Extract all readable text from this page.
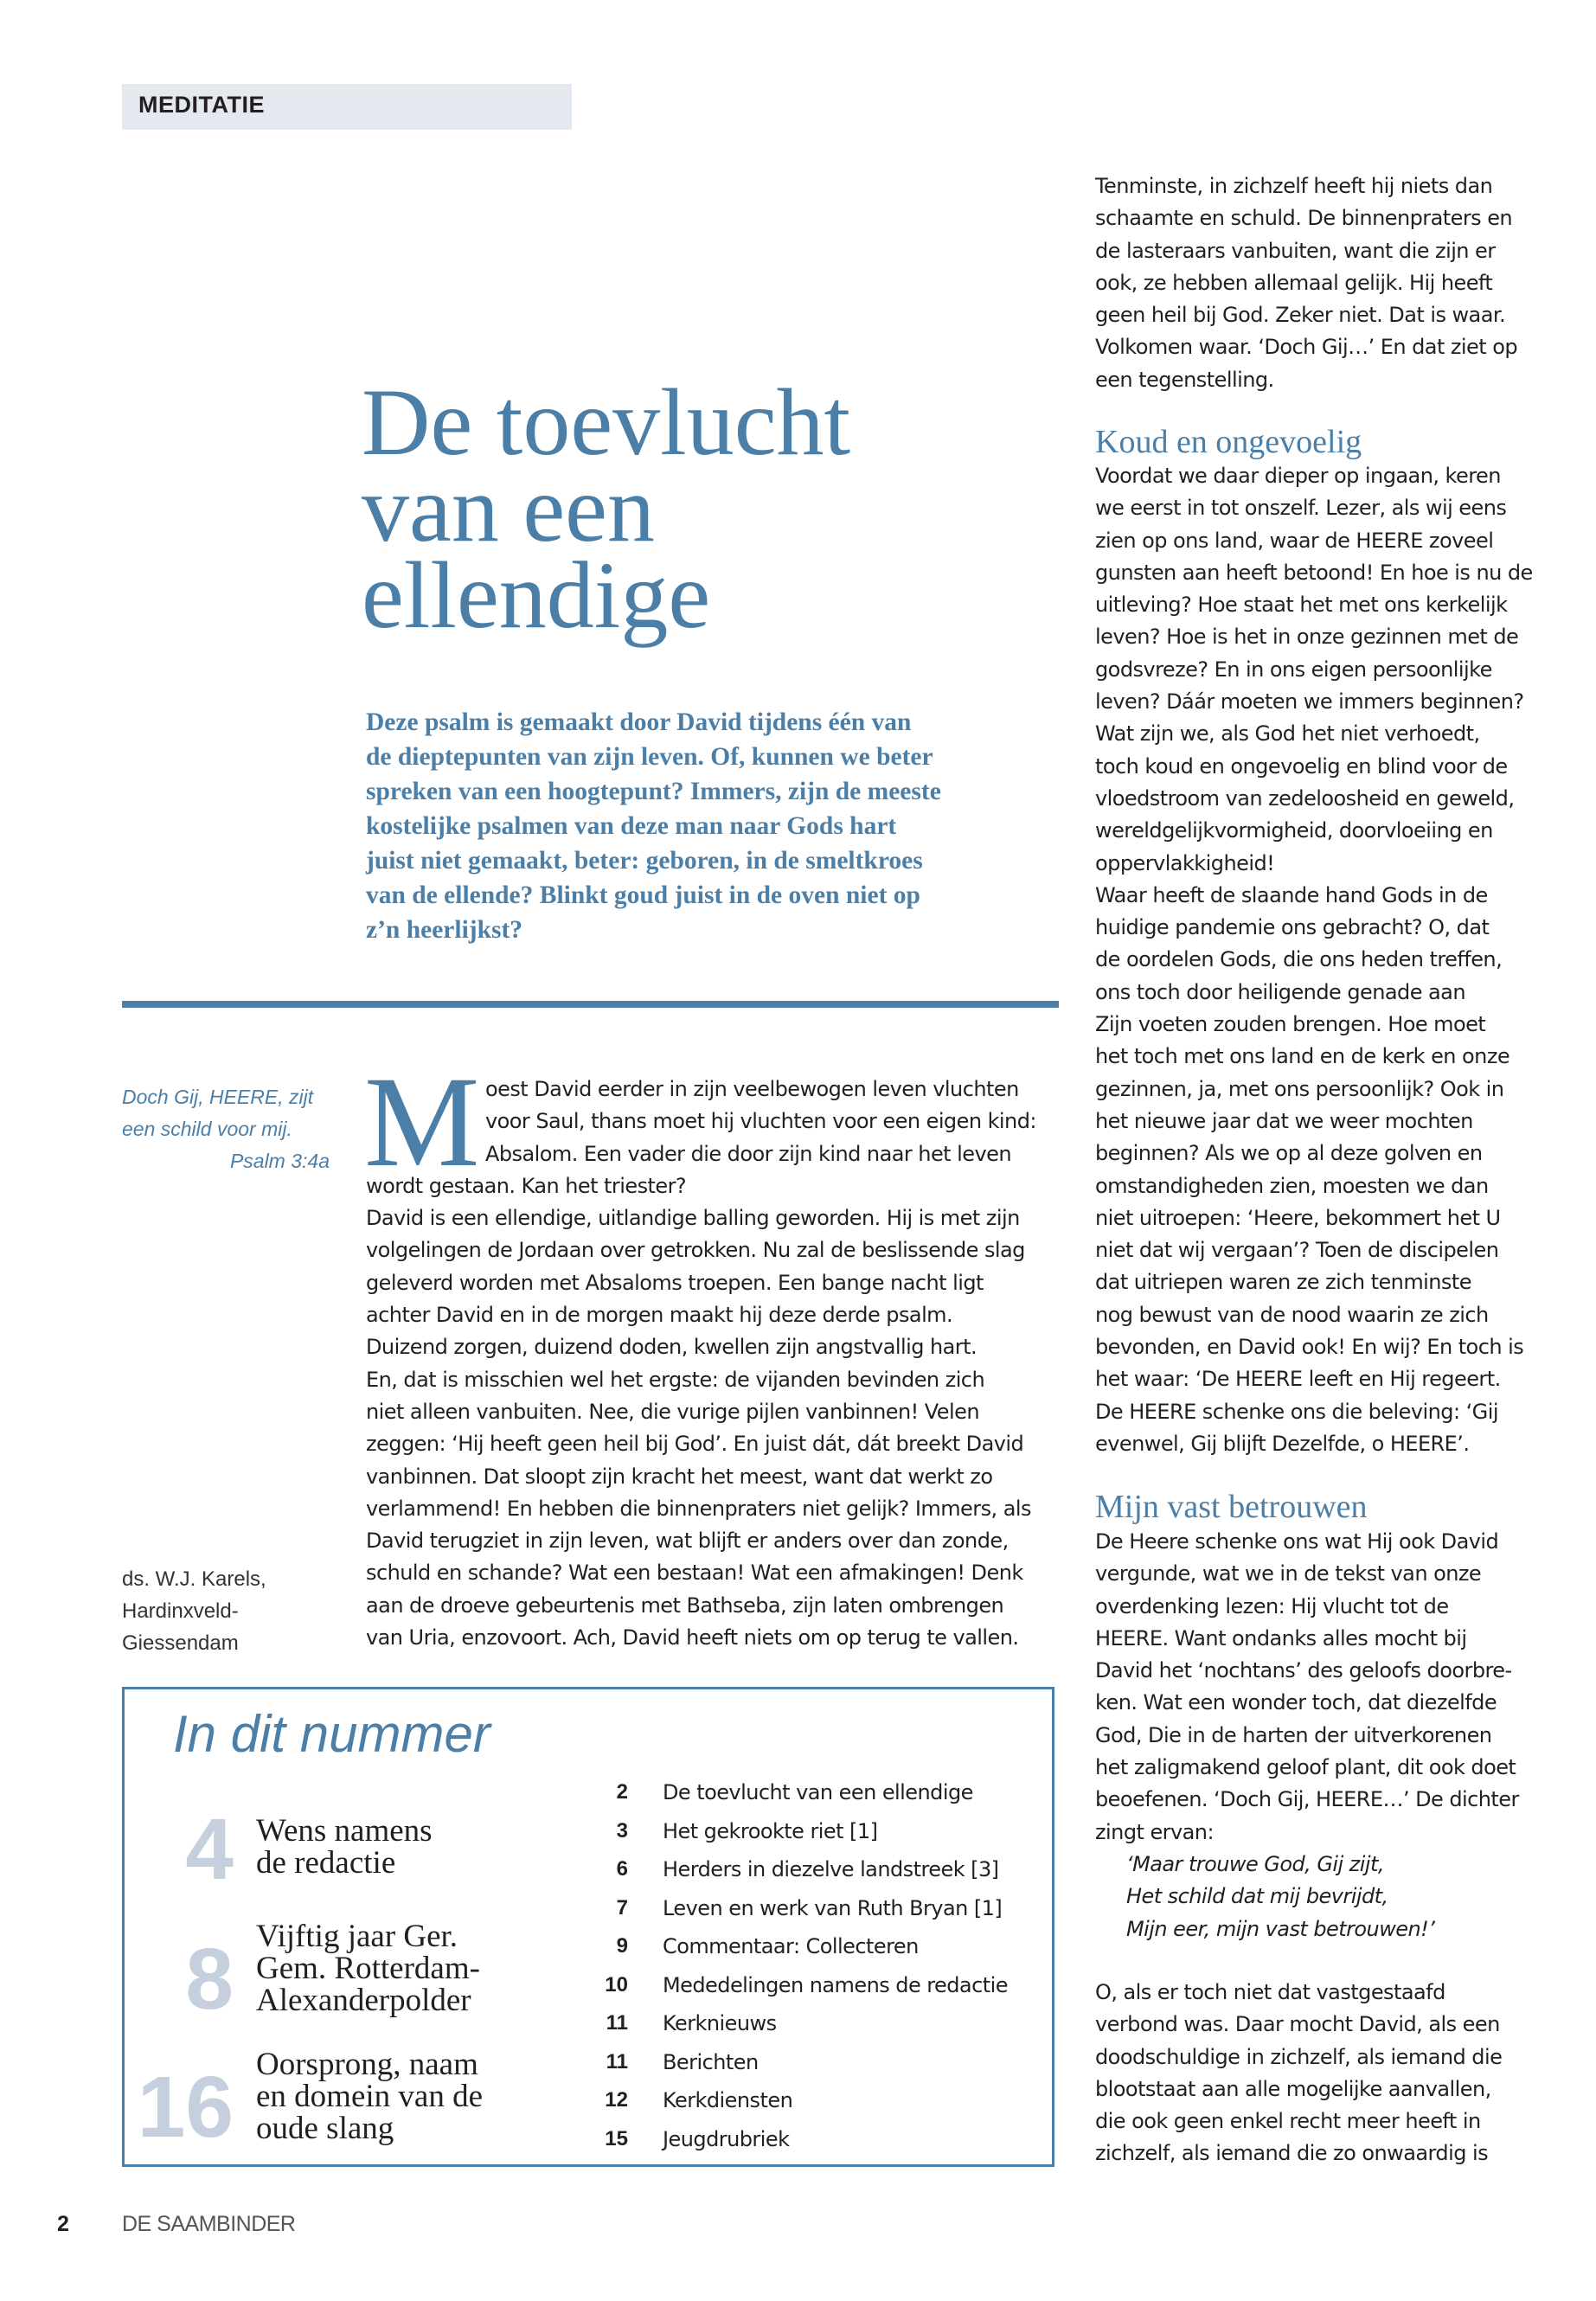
MEDITATIE
De toevlucht
van een
ellendige
Deze psalm is gemaakt door David tijdens één van
de dieptepunten van zijn leven. Of, kunnen we beter
spreken van een hoogtepunt? Immers, zijn de meeste
kostelijke psalmen van deze man naar Gods hart
juist niet gemaakt, beter: geboren, in de smeltkroes
van de ellende? Blinkt goud juist in de oven niet op
z’n heerlijkst?
Doch Gij, HEERE, zijt
een schild voor mij.
Psalm 3:4a
ds. W.J. Karels,
Hardinxveld-
Giessendam
M oest David eerder in zijn veelbewogen leven vluchten
voor Saul, thans moet hij vluchten voor een eigen kind:
Absalom. Een vader die door zijn kind naar het leven
wordt gestaan. Kan het triester?
David is een ellendige, uitlandige balling geworden. Hij is met zijn
volgelingen de Jordaan over getrokken. Nu zal de beslissende slag
geleverd worden met Absaloms troepen. Een bange nacht ligt
achter David en in de morgen maakt hij deze derde psalm.
Duizend zorgen, duizend doden, kwellen zijn angstvallig hart.
En, dat is misschien wel het ergste: de vijanden bevinden zich
niet alleen vanbuiten. Nee, die vurige pijlen vanbinnen! Velen
zeggen: ‘Hij heeft geen heil bij God’. En juist dát, dát breekt David
vanbinnen. Dat sloopt zijn kracht het meest, want dat werkt zo
verlammend! En hebben die binnenpraters niet gelijk? Immers, als
David terugziet in zijn leven, wat blijft er anders over dan zonde,
schuld en schande? Wat een bestaan! Wat een afmakingen! Denk
aan de droeve gebeurtenis met Bathseba, zijn laten ombrengen
van Uria, enzovoort. Ach, David heeft niets om op terug te vallen.
Tenminste, in zichzelf heeft hij niets dan
schaamte en schuld. De binnenpraters en
de lasteraars vanbuiten, want die zijn er
ook, ze hebben allemaal gelijk. Hij heeft
geen heil bij God. Zeker niet. Dat is waar.
Volkomen waar. ‘Doch Gij…’ En dat ziet op
een tegenstelling.
Koud en ongevoelig
Voordat we daar dieper op ingaan, keren
we eerst in tot onszelf. Lezer, als wij eens
zien op ons land, waar de HEERE zoveel
gunsten aan heeft betoond! En hoe is nu de
uitleving? Hoe staat het met ons kerkelijk
leven? Hoe is het in onze gezinnen met de
godsvreze? En in ons eigen persoonlijke
leven? Dáár moeten we immers beginnen?
Wat zijn we, als God het niet verhoedt,
toch koud en ongevoelig en blind voor de
vloedstroom van zedeloosheid en geweld,
wereldgelijkvormigheid, doorvloeiing en
oppervlakkigheid!
Waar heeft de slaande hand Gods in de
huidige pandemie ons gebracht? O, dat
de oordelen Gods, die ons heden treffen,
ons toch door heiligende genade aan
Zijn voeten zouden brengen. Hoe moet
het toch met ons land en de kerk en onze
gezinnen, ja, met ons persoonlijk? Ook in
het nieuwe jaar dat we weer mochten
beginnen? Als we op al deze golven en
omstandigheden zien, moesten we dan
niet uitroepen: ‘Heere, bekommert het U
niet dat wij vergaan’? Toen de discipelen
dat uitriepen waren ze zich tenminste
nog bewust van de nood waarin ze zich
bevonden, en David ook! En wij? En toch is
het waar: ‘De HEERE leeft en Hij regeert.
De HEERE schenke ons die beleving: ‘Gij
evenwel, Gij blijft Dezelfde, o HEERE’.
Mijn vast betrouwen
De Heere schenke ons wat Hij ook David
vergunde, wat we in de tekst van onze
overdenking lezen: Hij vlucht tot de
HEERE. Want ondanks alles mocht bij
David het ‘nochtans’ des geloofs doorbre-
ken. Wat een wonder toch, dat diezelfde
God, Die in de harten der uitverkorenen
het zaligmakend geloof plant, dit ook doet
beoefenen. ‘Doch Gij, HEERE…’ De dichter
zingt ervan:
‘Maar trouwe God, Gij zijt,
Het schild dat mij bevrijdt,
Mijn eer, mijn vast betrouwen!’
O, als er toch niet dat vastgestaafd
verbond was. Daar mocht David, als een
doodschuldige in zichzelf, als iemand die
blootstaat aan alle mogelijke aanvallen,
die ook geen enkel recht meer heeft in
zichzelf, als iemand die zo onwaardig is
In dit nummer
4 Wens namens
de redactie
8 Vijftig jaar Ger.
Gem. Rotterdam-
Alexanderpolder
16 Oorsprong, naam
en domein van de
oude slang
2 De toevlucht van een ellendige
3 Het gekrookte riet [1]
6 Herders in diezelve landstreek [3]
7 Leven en werk van Ruth Bryan [1]
9 Commentaar: Collecteren
10 Mededelingen namens de redactie
11 Kerknieuws
11 Berichten
12 Kerkdiensten
15 Jeugdrubriek
2 DE SAAMBINDER
